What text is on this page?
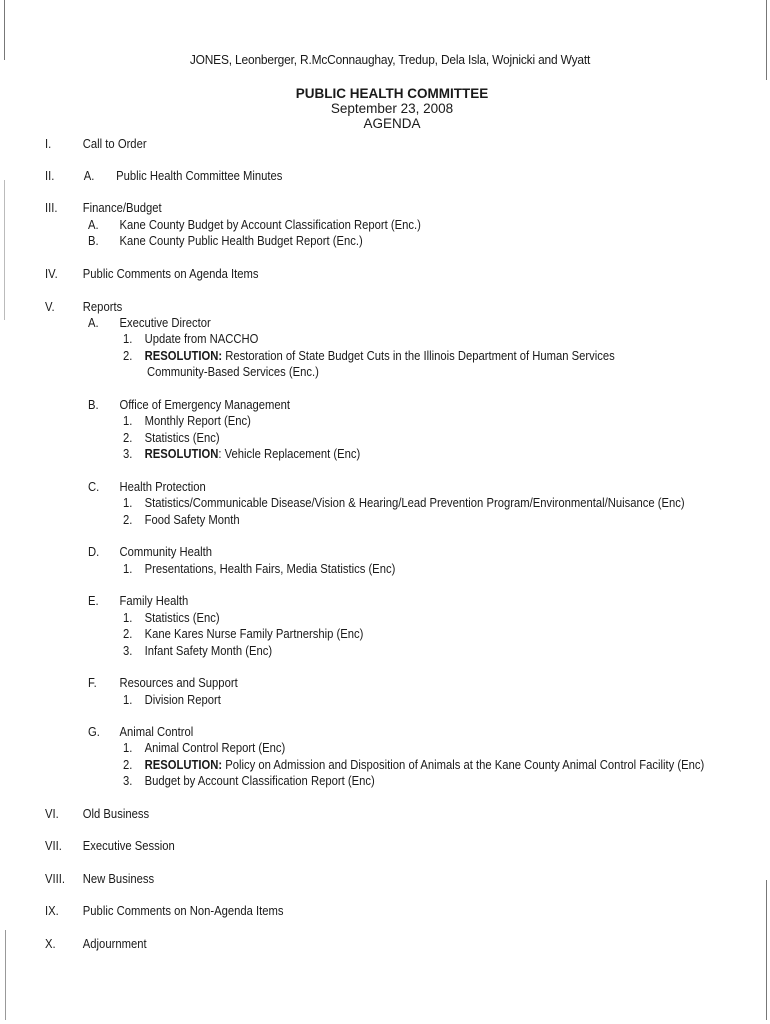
JONES, Leonberger, R.McConnaughay, Tredup, Dela Isla, Wojnicki and Wyatt
PUBLIC HEALTH COMMITTEE
September 23, 2008
AGENDA
I.	Call to Order
II. A. Public Health Committee Minutes
III. Finance/Budget
A. Kane County Budget by Account Classification Report (Enc.)
B. Kane County Public Health Budget Report (Enc.)
IV. Public Comments on Agenda Items
V. Reports
A. Executive Director
1. Update from NACCHO
2. RESOLUTION: Restoration of State Budget Cuts in the Illinois Department of Human Services
Community-Based Services (Enc.)
B. Office of Emergency Management
1. Monthly Report (Enc)
2. Statistics (Enc)
3. RESOLUTION: Vehicle Replacement (Enc)
C. Health Protection
1. Statistics/Communicable Disease/Vision & Hearing/Lead Prevention Program/Environmental/Nuisance (Enc)
2. Food Safety Month
D. Community Health
1. Presentations, Health Fairs, Media Statistics (Enc)
E. Family Health
1. Statistics (Enc)
2. Kane Kares Nurse Family Partnership (Enc)
3. Infant Safety Month (Enc)
F. Resources and Support
1. Division Report
G. Animal Control
1. Animal Control Report (Enc)
2. RESOLUTION: Policy on Admission and Disposition of Animals at the Kane County Animal Control Facility (Enc)
3. Budget by Account Classification Report (Enc)
VI. Old Business
VII. Executive Session
VIII. New Business
IX. Public Comments on Non-Agenda Items
X. Adjournment
